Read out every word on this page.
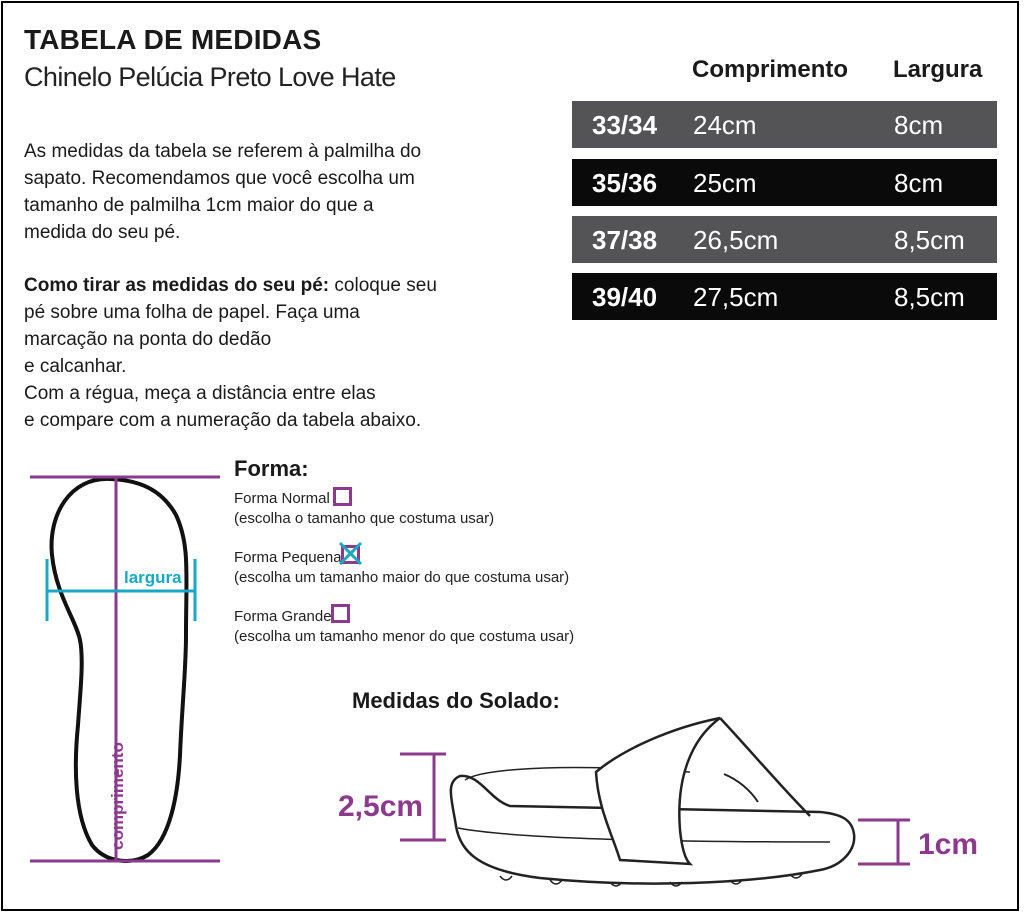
TABELA DE MEDIDAS
Chinelo Pelúcia Preto Love Hate

As medidas da tabela se referem à palmilha do

sapato. Recomendamos que você escolha um

tamanho de palmilha 1cm maior do que a

medida do seu pé.

Como tirar as medidas do seu pé: coloque seu

pé sobre uma folha de papel. Faça uma

marcação na ponta do dedão

e calcanhar.

Com a régua, meça a distância entre elas

e compare com a numeração da tabela abaixo.

Comprimento Largura
33/34 24cm	8cm
35/36 25cm	8cm
37/38 26,5cm	8,5cm
39/40 27,5cm	8,5cm
largura
comprimento
Forma:
Forma Normal
(escolha o tamanho que costuma usar)
Forma Pequena
(escolha um tamanho maior do que costuma usar)
Forma Grande
(escolha um tamanho menor do que costuma usar)
Medidas do Solado:
2,5cm
1cm
